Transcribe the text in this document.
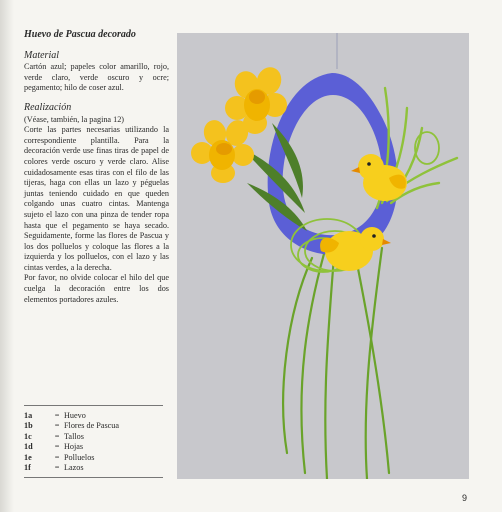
Huevo de Pascua decorado
Material

Cartón azul; papeles color amarillo, rojo, verde claro, verde oscuro y ocre; pegamento; hilo de coser azul.

Realización

(Véase, también, la pagina 12)

Corte las partes necesarias utilizando la correspondiente plantilla. Para la decoración verde use finas tiras de papel de colores verde oscuro y verde claro. Alise cuidadosamente esas tiras con el filo de las tijeras, haga con ellas un lazo y péguelas juntas teniendo cuidado en que queden colgando unas cuatro cintas. Mantenga sujeto el lazo con una pinza de tender ropa hasta que el pegamento se haya secado. Seguidamente, forme las flores de Pascua y los dos polluelos y coloque las flores a la izquierda y los polluelos, con el lazo y las cintas verdes, a la derecha.

Por favor, no olvide colocar el hilo del que cuelga la decoración entre los dos elementos portadores azules.

1a	= Huevo
1b	= Flores de Pascua
1c	= Tallos
1d	= Hojas
1e	= Polluelos
1f	= Lazos
9
